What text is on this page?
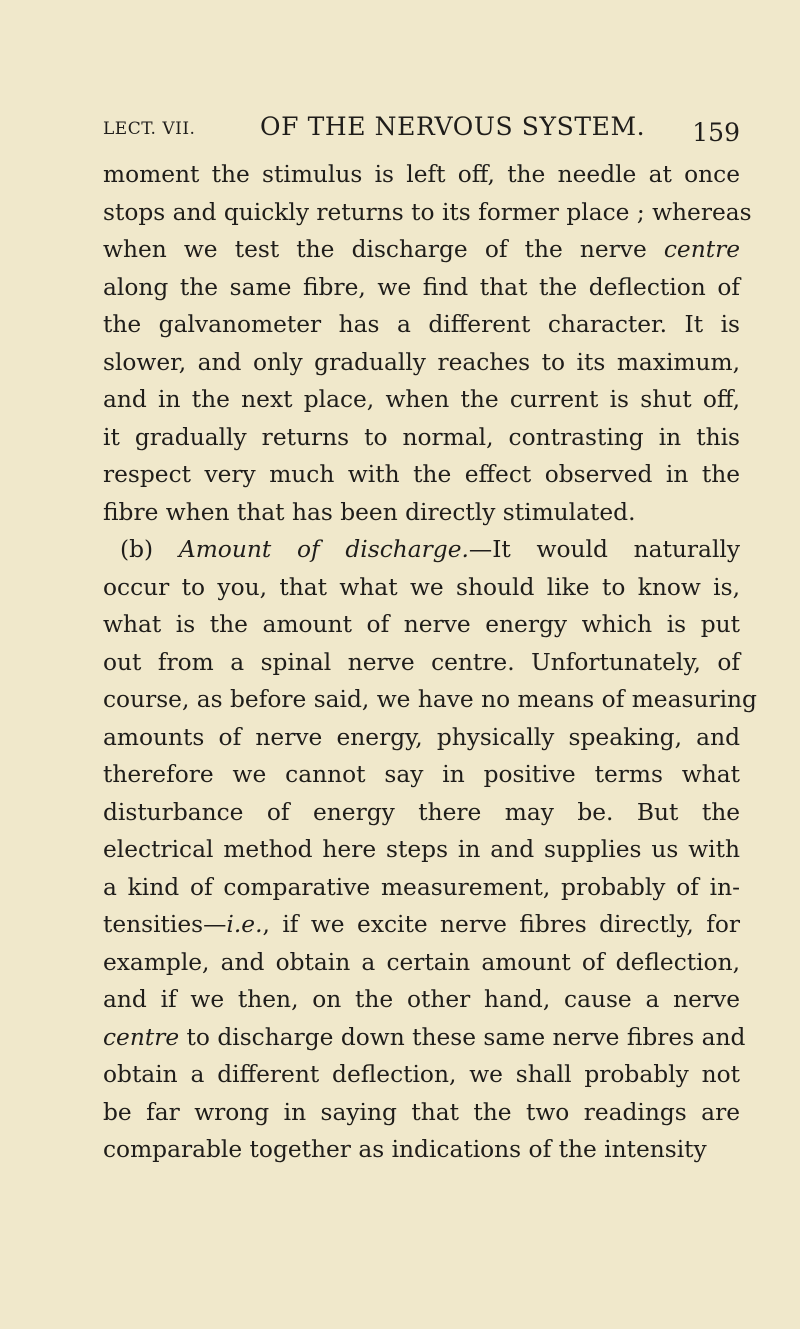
LECT. VII.	OF THE NERVOUS SYSTEM. 159
moment the stimulus is left off, the needle at once
stops and quickly returns to its former place ; whereas
when we test the discharge of the nerve centre
along the same fibre, we find that the deflection of
the galvanometer has a different character. It is
slower, and only gradually reaches to its maximum,
and in the next place, when the current is shut off,
it gradually returns to normal, contrasting in this
respect very much with the effect observed in the
fibre when that has been directly stimulated.
(b) Amount of discharge.—It would naturally
occur to you, that what we should like to know is,
what is the amount of nerve energy which is put
out from a spinal nerve centre. Unfortunately, of
course, as before said, we have no means of measuring
amounts of nerve energy, physically speaking, and
therefore we cannot say in positive terms what
disturbance of energy there may be. But the
electrical method here steps in and supplies us with
a kind of comparative measurement, probably of in-
tensities—i.e., if we excite nerve fibres directly, for
example, and obtain a certain amount of deflection,
and if we then, on the other hand, cause a nerve
centre to discharge down these same nerve fibres and
obtain a different deflection, we shall probably not
be far wrong in saying that the two readings are
comparable together as indications of the intensity
